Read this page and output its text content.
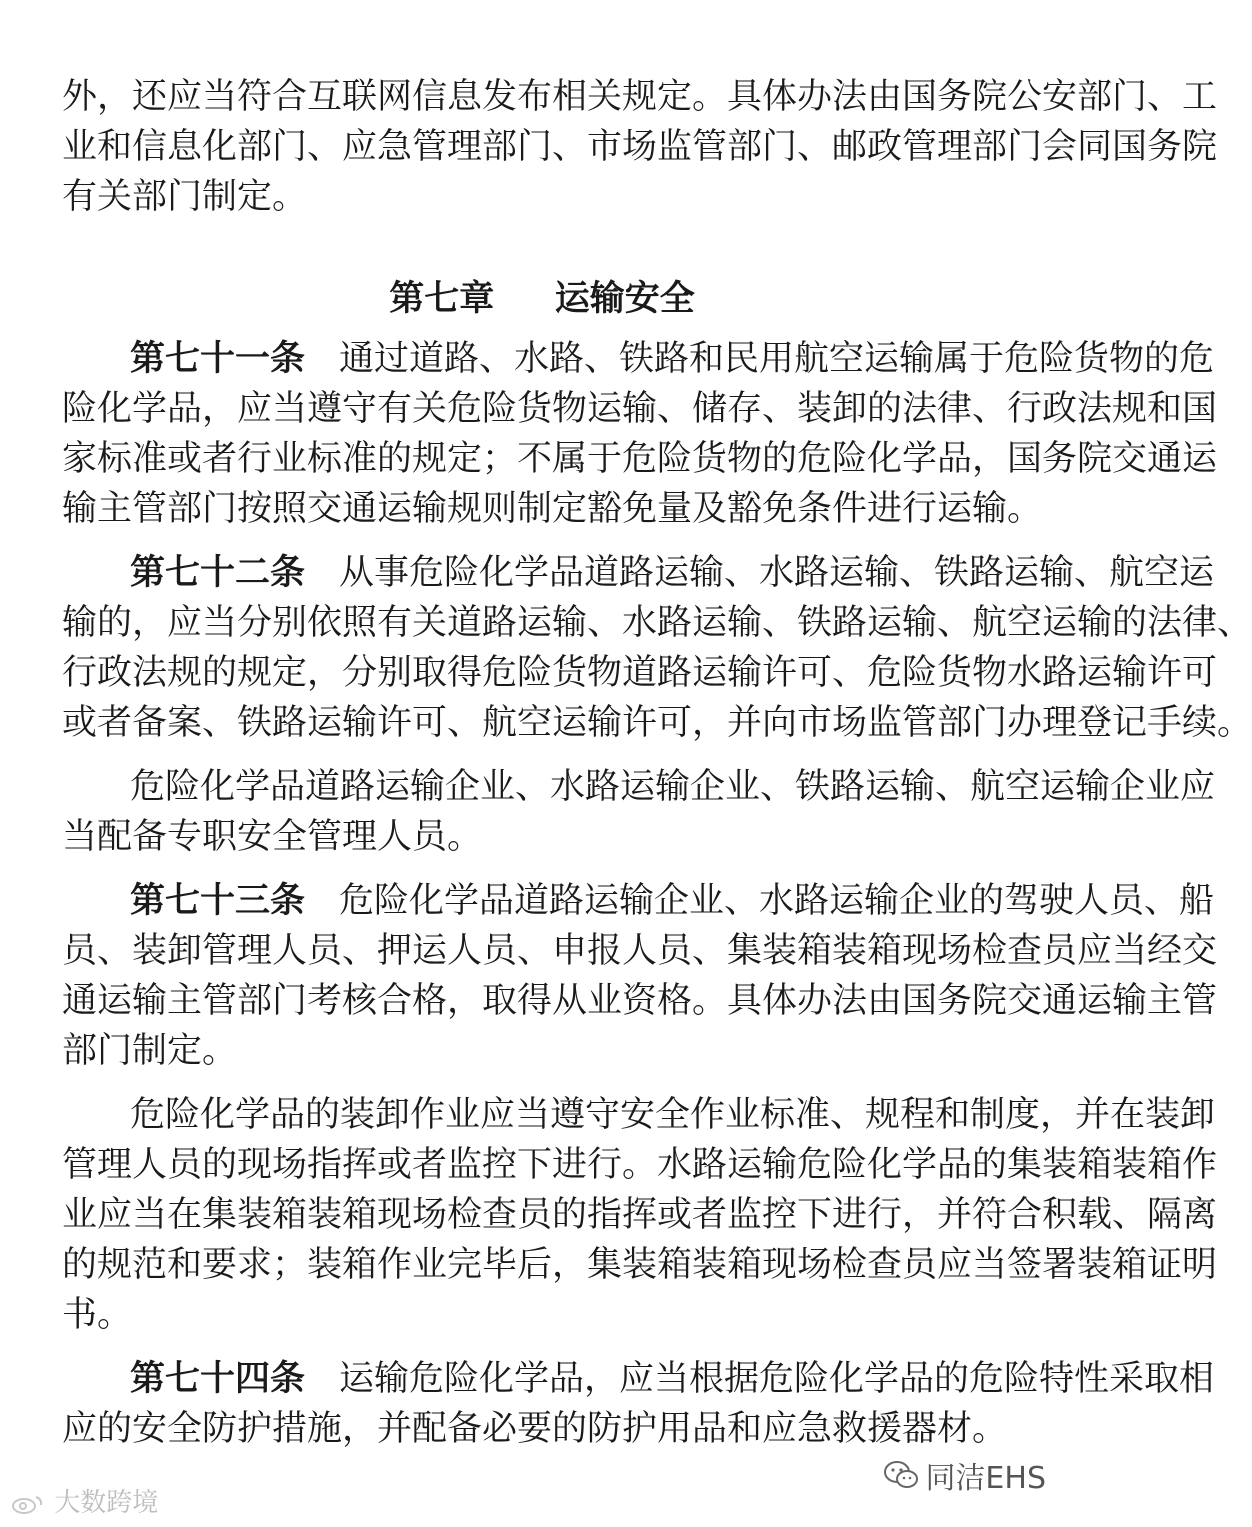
外，还应当符合互联网信息发布相关规定。具体办法由国务院公安部门、工
业和信息化部门、应急管理部门、市场监管部门、邮政管理部门会同国务院
有关部门制定。
第七章 运输安全
第七十一条 通过道路、水路、铁路和民用航空运输属于危险货物的危
险化学品，应当遵守有关危险货物运输、储存、装卸的法律、行政法规和国
家标准或者行业标准的规定；不属于危险货物的危险化学品，国务院交通运
输主管部门按照交通运输规则制定豁免量及豁免条件进行运输。
第七十二条 从事危险化学品道路运输、水路运输、铁路运输、航空运
输的，应当分别依照有关道路运输、水路运输、铁路运输、航空运输的法律、
行政法规的规定，分别取得危险货物道路运输许可、危险货物水路运输许可
或者备案、铁路运输许可、航空运输许可，并向市场监管部门办理登记手续。
危险化学品道路运输企业、水路运输企业、铁路运输、航空运输企业应
当配备专职安全管理人员。
第七十三条 危险化学品道路运输企业、水路运输企业的驾驶人员、船
员、装卸管理人员、押运人员、申报人员、集装箱装箱现场检查员应当经交
通运输主管部门考核合格，取得从业资格。具体办法由国务院交通运输主管
部门制定。
危险化学品的装卸作业应当遵守安全作业标准、规程和制度，并在装卸
管理人员的现场指挥或者监控下进行。水路运输危险化学品的集装箱装箱作
业应当在集装箱装箱现场检查员的指挥或者监控下进行，并符合积载、隔离
的规范和要求；装箱作业完毕后，集装箱装箱现场检查员应当签署装箱证明
书。
第七十四条 运输危险化学品，应当根据危险化学品的危险特性采取相
应的安全防护措施，并配备必要的防护用品和应急救援器材。
大数跨境
同洁EHS
